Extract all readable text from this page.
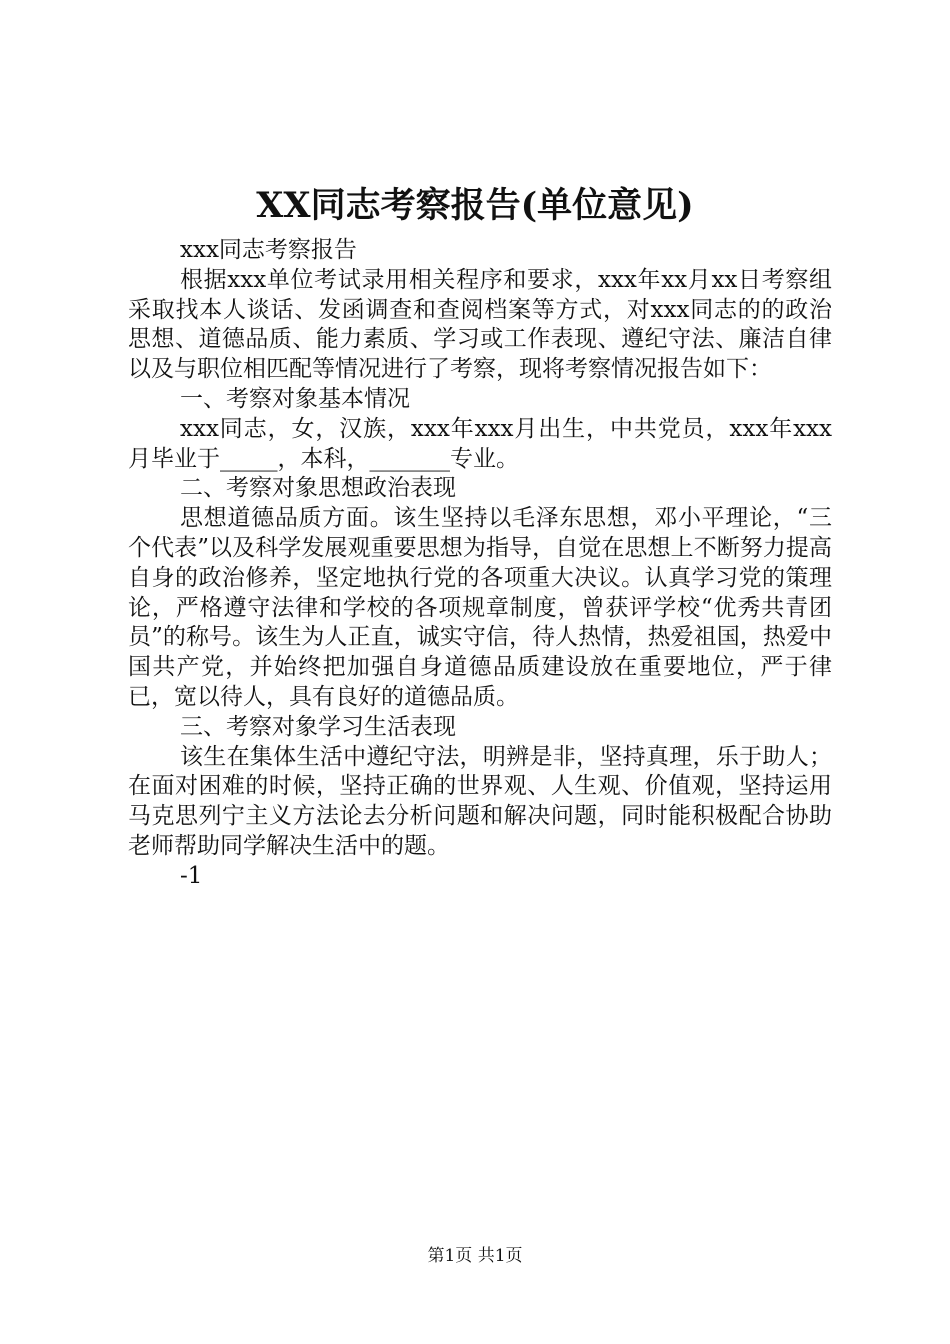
XX同志考察报告(单位意见)

xxx同志考察报告

根据xxx单位考试录用相关程序和要求，xxx年xx月xx日考察组采取找本人谈话、发函调查和查阅档案等方式，对xxx同志的的政治思想、道德品质、能力素质、学习或工作表现、遵纪守法、廉洁自律以及与职位相匹配等情况进行了考察，现将考察情况报告如下：

一、考察对象基本情况

xxx同志，女，汉族，xxx年xxx月出生，中共党员，xxx年xxx月毕业于_____，本科，_______专业。

二、考察对象思想政治表现

思想道德品质方面。该生坚持以毛泽东思想，邓小平理论，“三个代表”以及科学发展观重要思想为指导，自觉在思想上不断努力提高自身的政治修养，坚定地执行党的各项重大决议。认真学习党的策理论，严格遵守法律和学校的各项规章制度，曾获评学校“优秀共青团员”的称号。该生为人正直，诚实守信，待人热情，热爱祖国，热爱中国共产党，并始终把加强自身道德品质建设放在重要地位，严于律已，宽以待人，具有良好的道德品质。

三、考察对象学习生活表现

该生在集体生活中遵纪守法，明辨是非，坚持真理，乐于助人；在面对困难的时候，坚持正确的世界观、人生观、价值观，坚持运用马克思列宁主义方法论去分析问题和解决问题，同时能积极配合协助老师帮助同学解决生活中的题。

-1

第1页 共1页
